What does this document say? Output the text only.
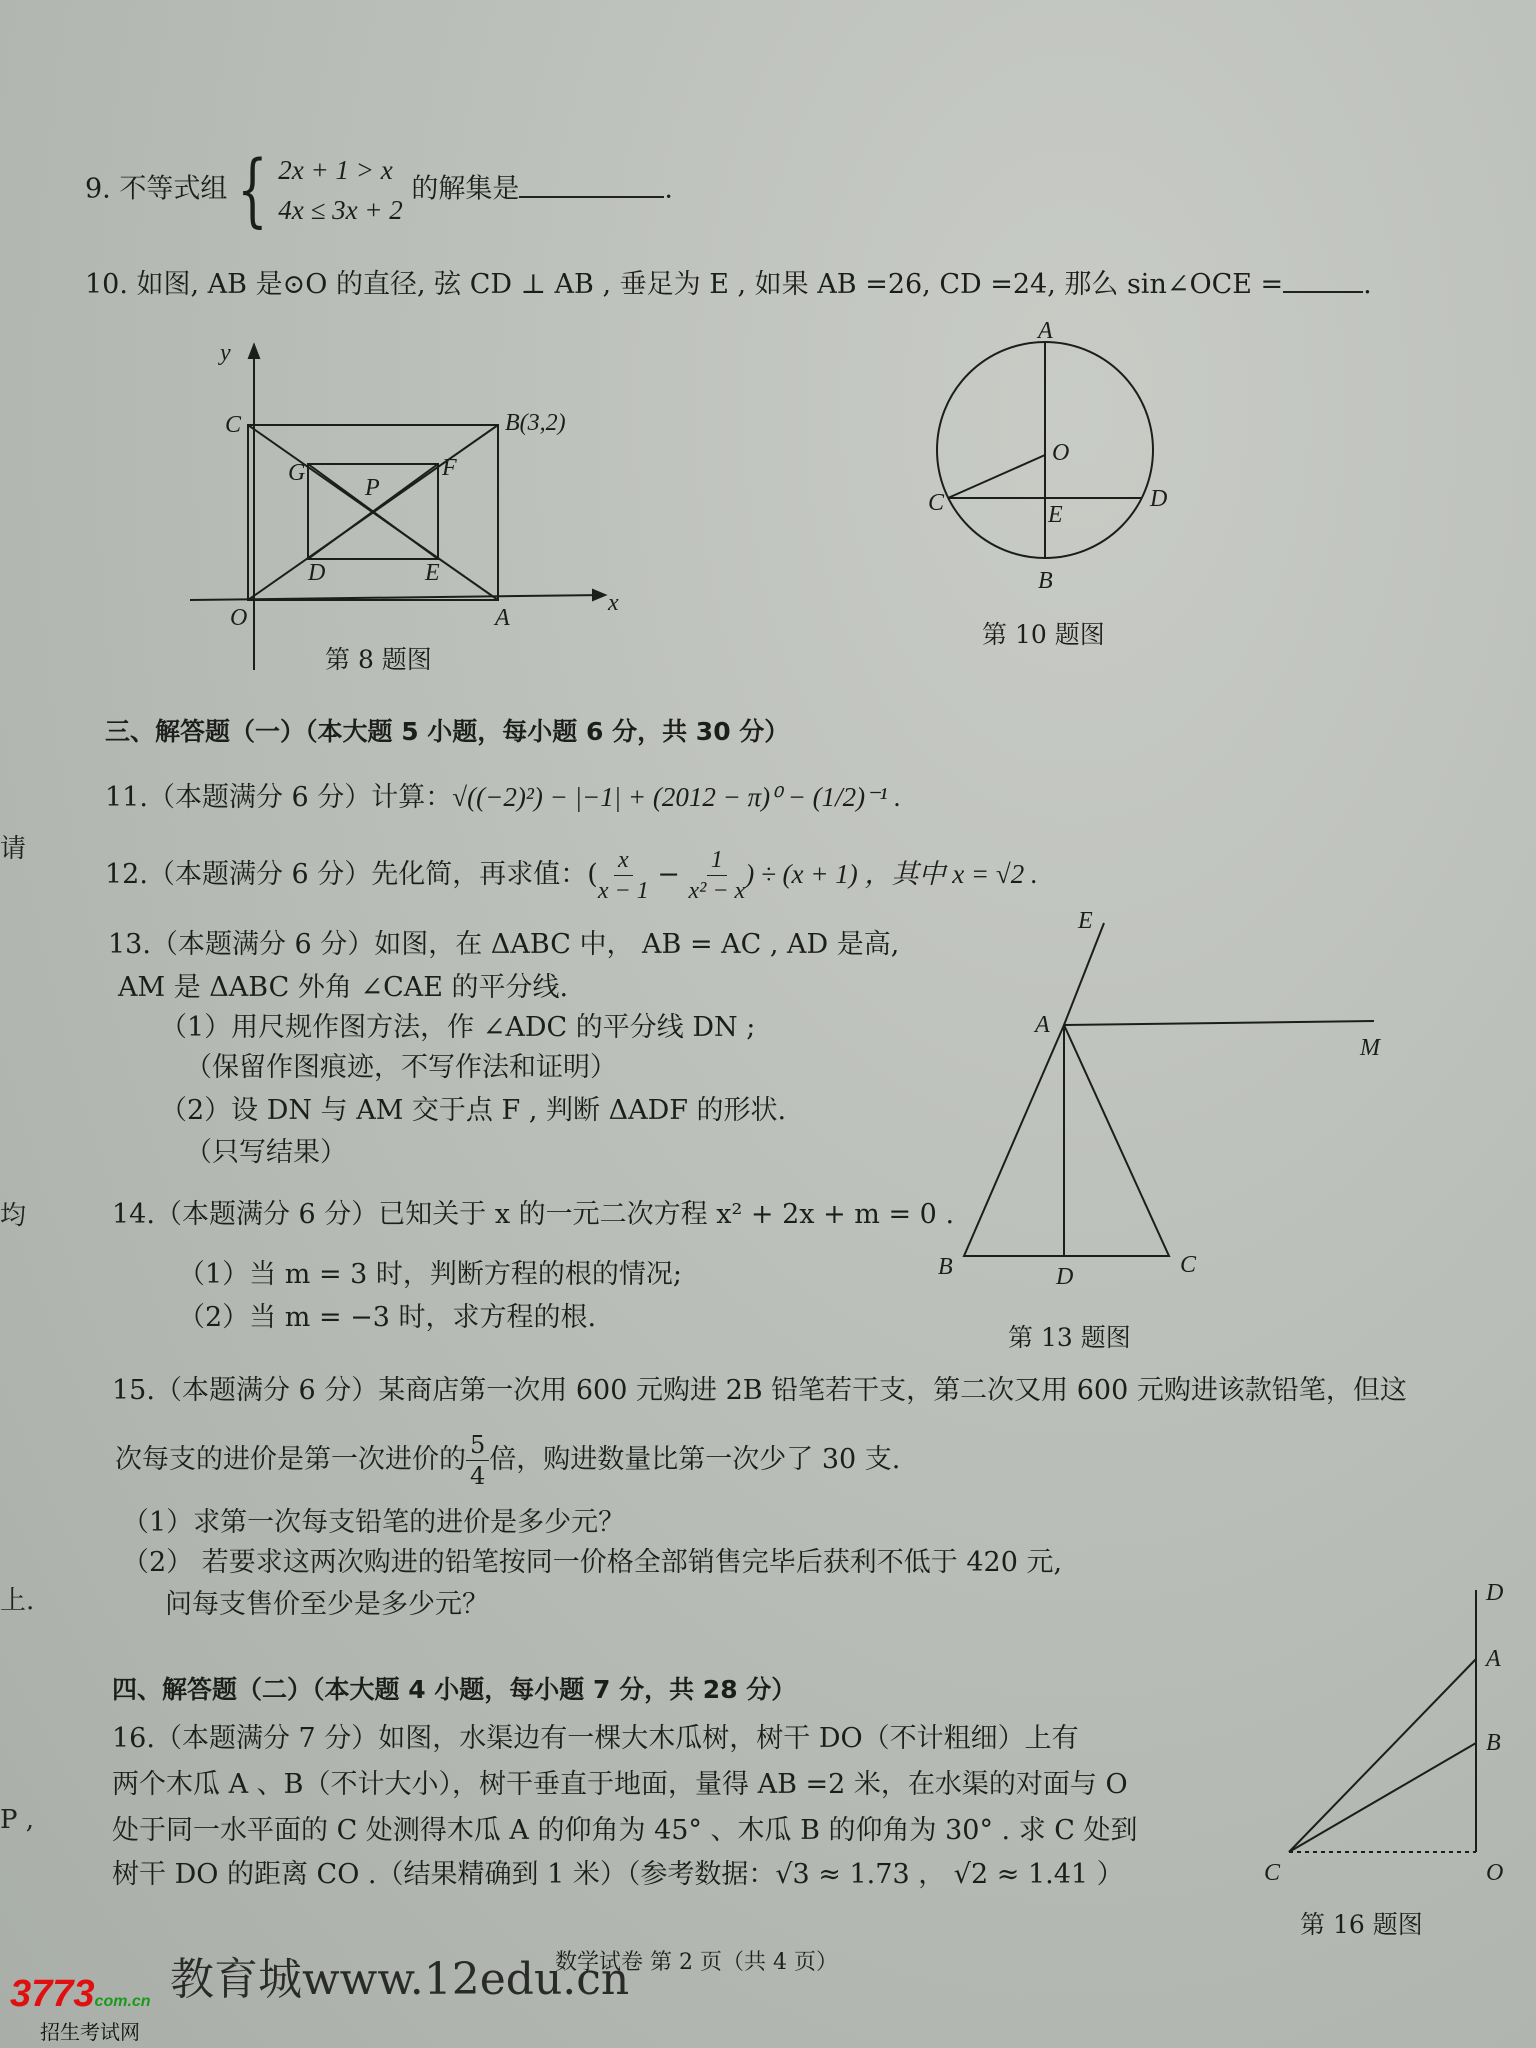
9. 不等式组 { 2x + 1 > x
4x ≤ 3x + 2
的解集是	.
10. 如图, AB 是⊙O 的直径, 弦 CD ⊥ AB , 垂足为 E , 如果 AB =26, CD =24, 那么 sin∠OCE =	.
y
x
O	A
C	B(3,2)
G	F
P
D	E
第 8 题图
A
B
C	D
O
E
第 10 题图
三、解答题（一）（本大题 5 小题，每小题 6 分，共 30 分）
11.（本题满分 6 分）计算：√((−2)²) − |−1| + (2012 − π)⁰ − (1/2)⁻¹ .
12.（本题满分 6 分）先化简，再求值：( $\frac{x}{x - 1} - \frac{1}{\text{x² − x}}$ ) ÷ (x + 1) ，其中 x = √2 .
13.（本题满分 6 分）如图，在 ΔABC 中， AB = AC , AD 是高,
AM 是 ΔABC 外角 ∠CAE 的平分线.
（1）用尺规作图方法，作 ∠ADC 的平分线 DN ;
（保留作图痕迹，不写作法和证明）
（2）设 DN 与 AM 交于点 F , 判断 ΔADF 的形状.
（只写结果）
E
A
M
B	D	C
第 13 题图
14.（本题满分 6 分）已知关于 x 的一元二次方程 x² + 2x + m = 0 .
（1）当 m = 3 时，判断方程的根的情况;
（2）当 m = −3 时，求方程的根.
15.（本题满分 6 分）某商店第一次用 600 元购进 2B 铅笔若干支，第二次又用 600 元购进该款铅笔，但这
次每支的进价是第一次进价的 $\frac{5}{4}$ 倍，购进数量比第一次少了 30 支.
（1）求第一次每支铅笔的进价是多少元？
（2） 若要求这两次购进的铅笔按同一价格全部销售完毕后获利不低于 420 元,
问每支售价至少是多少元？
四、解答题（二）（本大题 4 小题，每小题 7 分，共 28 分）
16.（本题满分 7 分）如图，水渠边有一棵大木瓜树，树干 DO（不计粗细）上有
两个木瓜 A 、B（不计大小），树干垂直于地面，量得 AB =2 米，在水渠的对面与 O
处于同一水平面的 C 处测得木瓜 A 的仰角为 45° 、木瓜 B 的仰角为 30° . 求 C 处到
树干 DO 的距离 CO .（结果精确到 1 米）（参考数据：√3 ≈ 1.73 ， √2 ≈ 1.41 ）
D
A
B
C	O
第 16 题图
请
均
上.
P ,
数学试卷 第 2 页（共 4 页）
教育城www.12edu.cn
3773com.cn
招生考试网
